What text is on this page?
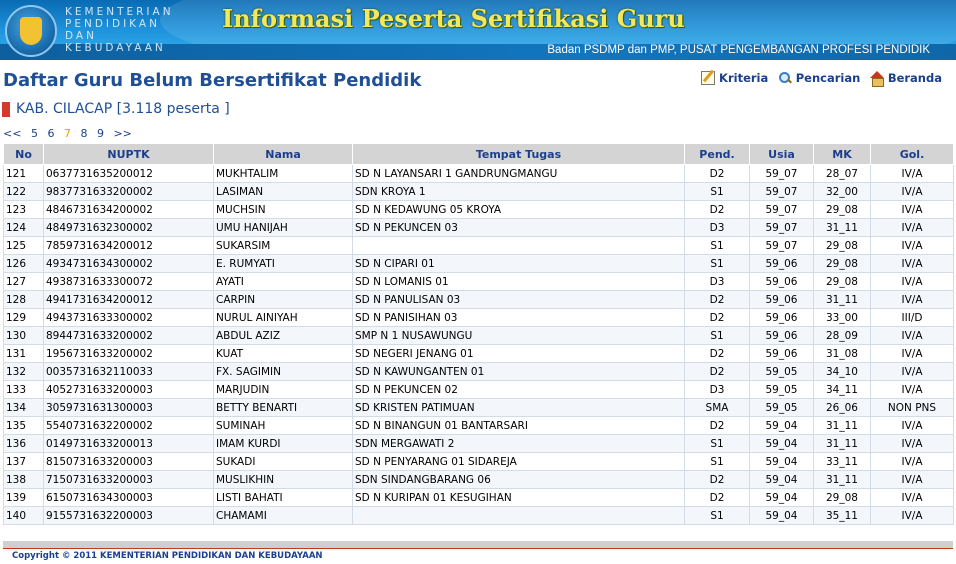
KEMENTERIAN
PENDIDIKAN
DAN
KEBUDAYAAN
Informasi Peserta Sertifikasi Guru
Badan PSDMP dan PMP, PUSAT PENGEMBANGAN PROFESI PENDIDIK
Daftar Guru Belum Bersertifikat Pendidik	Kriteria
Pencarian
Beranda
KAB. CILACAP [3.118 peserta ]
<< 5 6 7 8 9 >>
No	NUPTK	Nama	Tempat Tugas	Pend.	Usia	MK	Gol.
121	0637731635200012	MUKHTALIM	SD N LAYANSARI 1 GANDRUNGMANGU	D2	59_07	28_07	IV/A
122	9837731633200002	LASIMAN	SDN KROYA 1	S1	59_07	32_00	IV/A
123	4846731634200002	MUCHSIN	SD N KEDAWUNG 05 KROYA	D2	59_07	29_08	IV/A
124	4849731632300002	UMU HANIJAH	SD N PEKUNCEN 03	D3	59_07	31_11	IV/A
125	7859731634200012	SUKARSIM		S1	59_07	29_08	IV/A
126	4934731634300002	E. RUMYATI	SD N CIPARI 01	S1	59_06	29_08	IV/A
127	4938731633300072	AYATI	SD N LOMANIS 01	D3	59_06	29_08	IV/A
128	4941731634200012	CARPIN	SD N PANULISAN 03	D2	59_06	31_11	IV/A
129	4943731633300002	NURUL AINIYAH	SD N PANISIHAN 03	D2	59_06	33_00	III/D
130	8944731633200002	ABDUL AZIZ	SMP N 1 NUSAWUNGU	S1	59_06	28_09	IV/A
131	1956731633200002	KUAT	SD NEGERI JENANG 01	D2	59_06	31_08	IV/A
132	0035731632110033	FX. SAGIMIN	SD N KAWUNGANTEN 01	D2	59_05	34_10	IV/A
133	4052731633200003	MARJUDIN	SD N PEKUNCEN 02	D3	59_05	34_11	IV/A
134	3059731631300003	BETTY BENARTI	SD KRISTEN PATIMUAN	SMA	59_05	26_06	NON PNS
135	5540731632200002	SUMINAH	SD N BINANGUN 01 BANTARSARI	D2	59_04	31_11	IV/A
136	0149731633200013	IMAM KURDI	SDN MERGAWATI 2	S1	59_04	31_11	IV/A
137	8150731633200003	SUKADI	SD N PENYARANG 01 SIDAREJA	S1	59_04	33_11	IV/A
138	7150731633200003	MUSLIKHIN	SDN SINDANGBARANG 06	D2	59_04	31_11	IV/A
139	6150731634300003	LISTI BAHATI	SD N KURIPAN 01 KESUGIHAN	D2	59_04	29_08	IV/A
140	9155731632200003	CHAMAMI		S1	59_04	35_11	IV/A
Copyright © 2011 KEMENTERIAN PENDIDIKAN DAN KEBUDAYAAN
